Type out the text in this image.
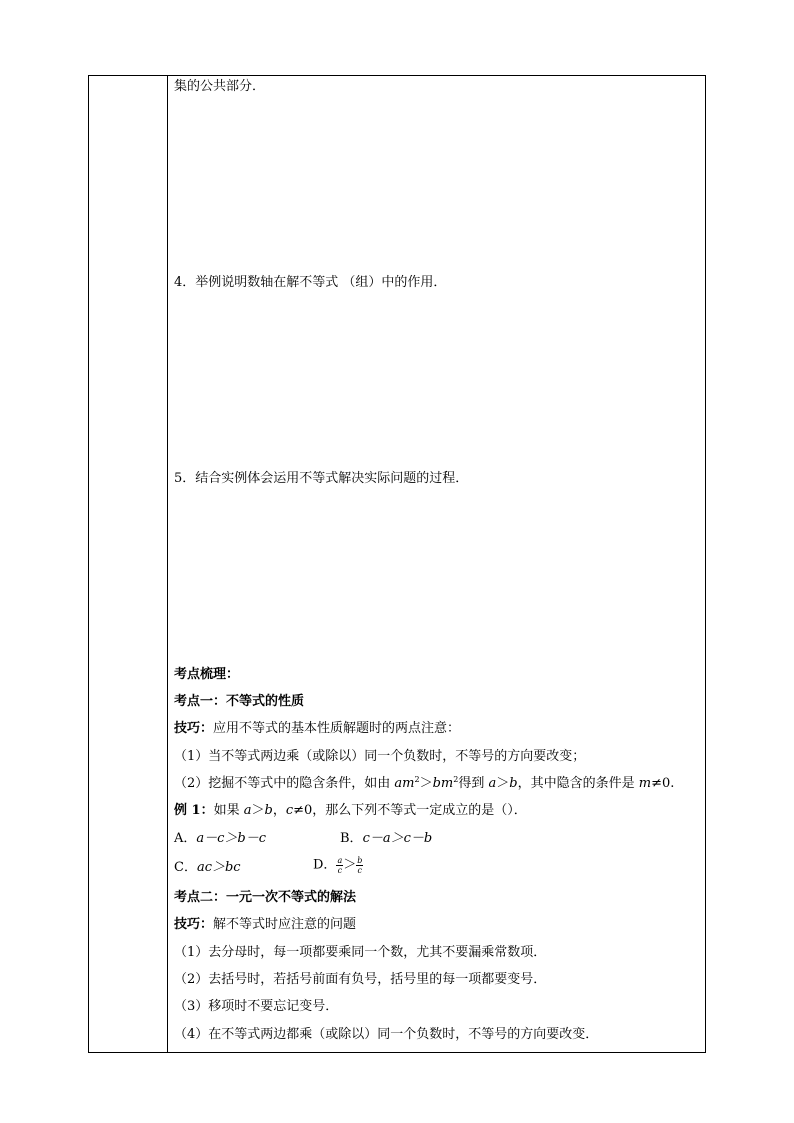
集的公共部分．
4．举例说明数轴在解不等式 （组）中的作用．
5．结合实例体会运用不等式解决实际问题的过程．
考点梳理：
考点一：不等式的性质
技巧：应用不等式的基本性质解题时的两点注意：
（1）当不等式两边乘（或除以）同一个负数时，不等号的方向要改变；
（2）挖掘不等式中的隐含条件，如由 $am^2>bm^2$得到 a＞b，其中隐含的条件是 m≠0.
例 1：如果 a＞b，c≠0，那么下列不等式一定成立的是（）．
A．a－c＞b－c	B．c－a＞c－b
C．ac＞bc	D． $\frac{a}{c} > \frac{b}{c}$
考点二：一元一次不等式的解法
技巧：解不等式时应注意的问题
（1）去分母时，每一项都要乘同一个数，尤其不要漏乘常数项．
（2）去括号时，若括号前面有负号，括号里的每一项都要变号．
（3）移项时不要忘记变号．
（4）在不等式两边都乘（或除以）同一个负数时，不等号的方向要改变．
